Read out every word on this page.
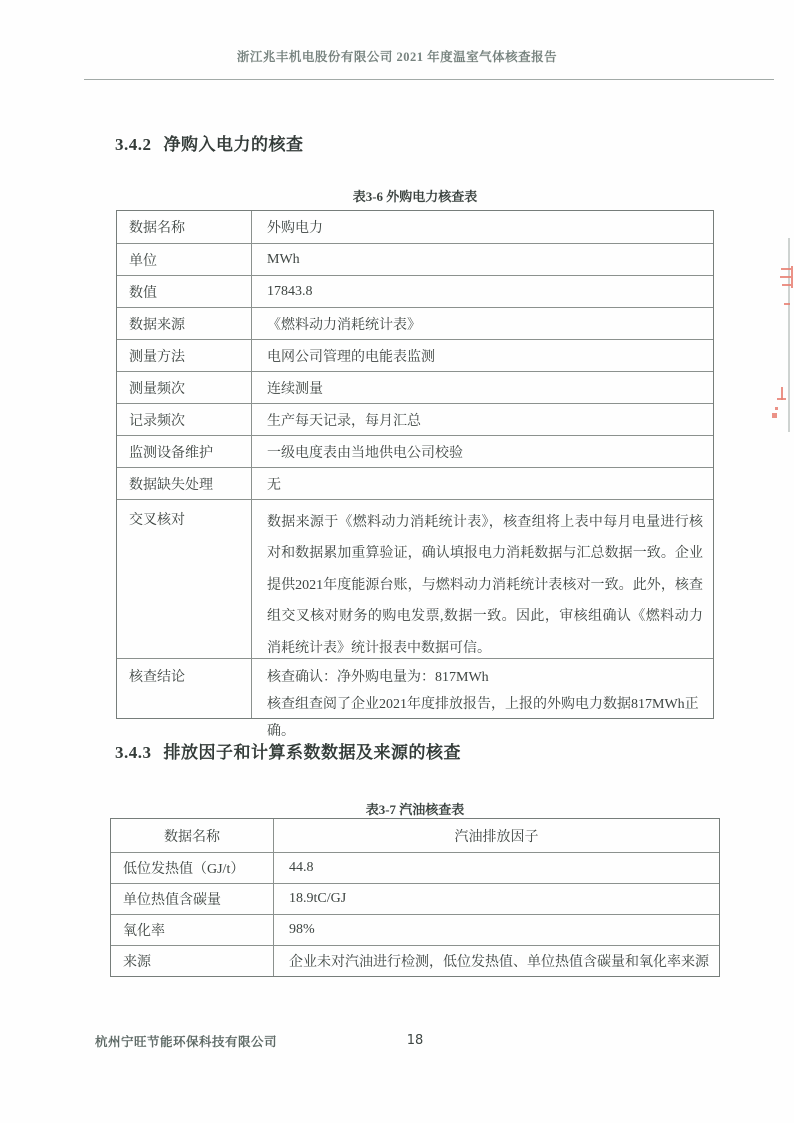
浙江兆丰机电股份有限公司 2021 年度温室气体核查报告
3.4.2 净购入电力的核查
表3-6 外购电力核查表
数据名称	外购电力
单位	MWh
数值	17843.8
数据来源	《燃料动力消耗统计表》
测量方法	电网公司管理的电能表监测
测量频次	连续测量
记录频次	生产每天记录，每月汇总
监测设备维护	一级电度表由当地供电公司校验
数据缺失处理	无
交叉核对	数据来源于《燃料动力消耗统计表》，核查组将上表中每月电量进行核对和数据累加重算验证，确认填报电力消耗数据与汇总数据一致。企业提供2021年度能源台账，与燃料动力消耗统计表核对一致。此外，核查组交叉核对财务的购电发票,数据一致。因此，审核组确认《燃料动力消耗统计表》统计报表中数据可信。
核查结论	核查确认：净外购电量为：817MWh
核查组查阅了企业2021年度排放报告，上报的外购电力数据817MWh正确。
3.4.3 排放因子和计算系数数据及来源的核查
表3-7 汽油核查表
数据名称	汽油排放因子
低位发热值（GJ/t）	44.8
单位热值含碳量	18.9tC/GJ
氧化率	98%
来源	企业未对汽油进行检测，低位发热值、单位热值含碳量和氧化率来源
杭州宁旺节能环保科技有限公司	18
